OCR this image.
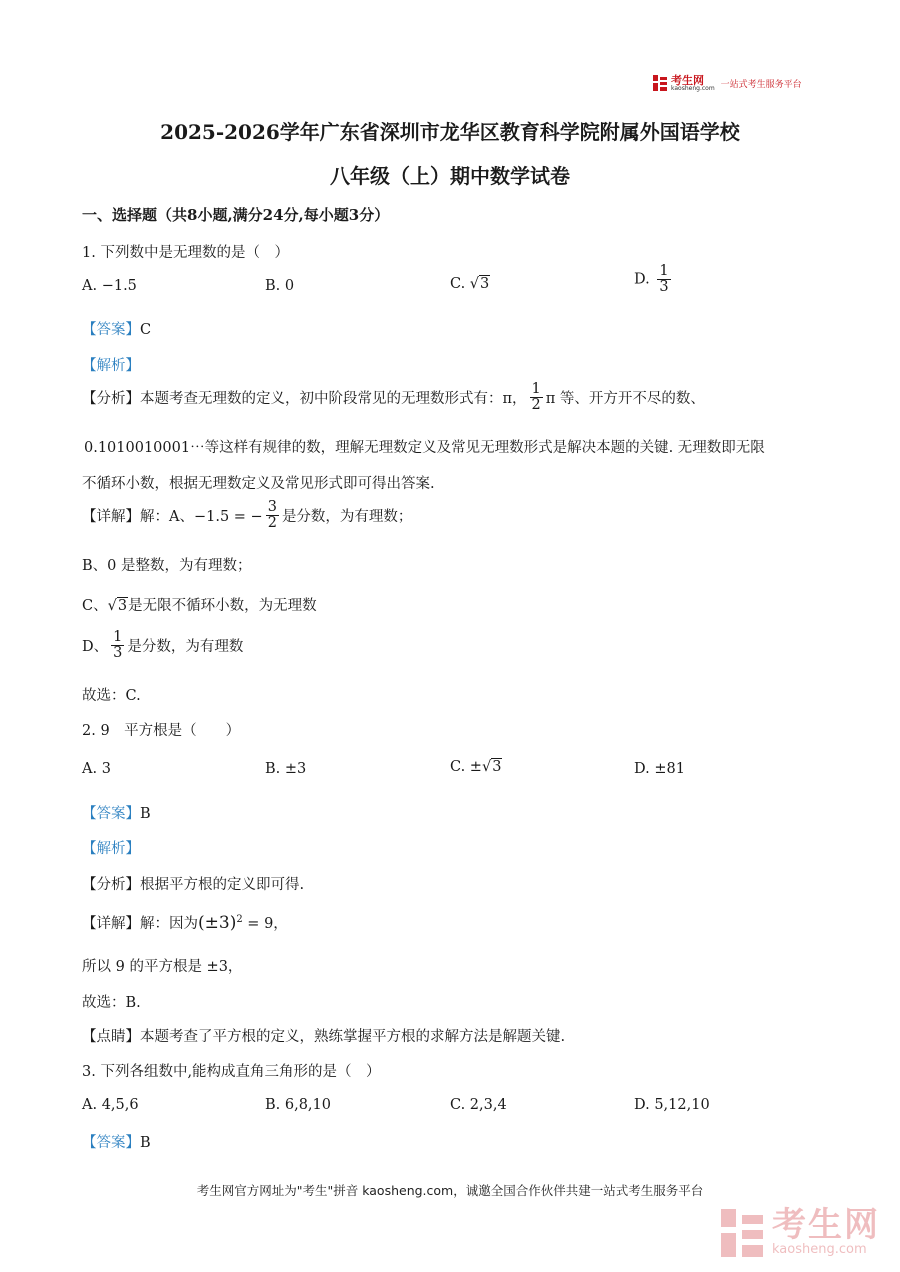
考生网
kaosheng.com 一站式考生服务平台
2025-2026学年广东省深圳市龙华区教育科学院附属外国语学校
八年级（上）期中数学试卷
一、选择题（共8小题,满分24分,每小题3分）
1. 下列数中是无理数的是（　）
A. −1.5	B. 0	C. √3	D. $\frac{1}{3}$
【答案】C
【解析】
【分析】本题考查无理数的定义，初中阶段常见的无理数形式有：π， $\frac{1}{2}$ π 等、开方开不尽的数、
0.1010010001⋯等这样有规律的数，理解无理数定义及常见无理数形式是解决本题的关键. 无理数即无限
不循环小数，根据无理数定义及常见形式即可得出答案.
【详解】解：A、−1.5 = − $\frac{3}{2}$ 是分数，为有理数；
B、0 是整数，为有理数；
C、√3是无限不循环小数，为无理数
D、 $\frac{1}{3}$ 是分数，为有理数
故选：C.
2. 9　平方根是（　　）
A. 3	B. ±3	C. ±√3	D. ±81
【答案】B
【解析】
【分析】根据平方根的定义即可得.
【详解】解：因为$(\pm 3)^2 = 9$，
所以 9 的平方根是 ±3，
故选：B.
【点睛】本题考查了平方根的定义，熟练掌握平方根的求解方法是解题关键.
3. 下列各组数中,能构成直角三角形的是（　）
A. 4,5,6	B. 6,8,10	C. 2,3,4	D. 5,12,10
【答案】B
考生网官方网址为"考生"拼音 kaosheng.com，诚邀全国合作伙伴共建一站式考生服务平台
考生网
kaosheng.com
